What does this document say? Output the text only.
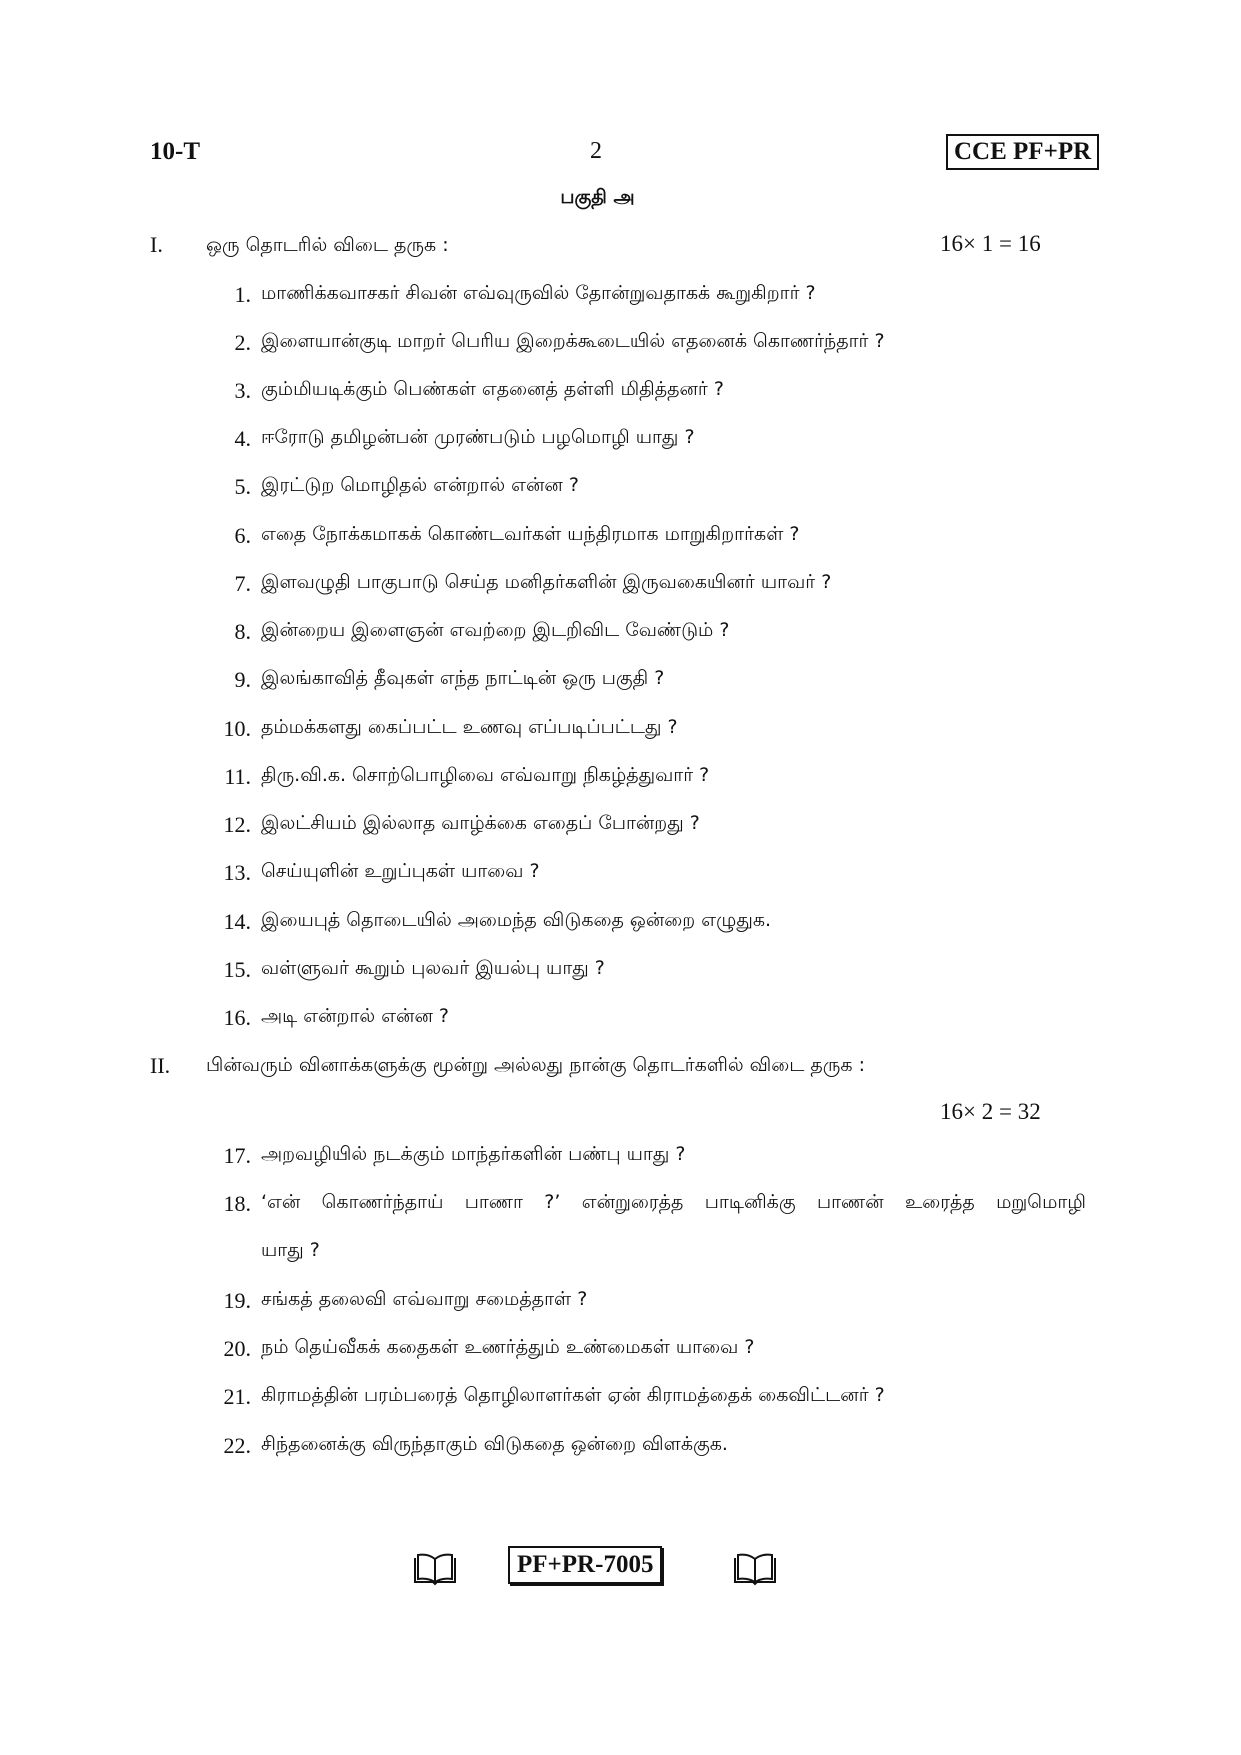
10-T	2	CCE PF+PR
பகுதி அ
I. ஒரு தொடரில் விடை தருக :	16× 1 = 16
1. மாணிக்கவாசகர் சிவன் எவ்வுருவில் தோன்றுவதாகக் கூறுகிறார் ?
2. இளையான்குடி மாறர் பெரிய இறைக்கூடையில் எதனைக் கொணர்ந்தார் ?
3. கும்மியடிக்கும் பெண்கள் எதனைத் தள்ளி மிதித்தனர் ?
4. ஈரோடு தமிழன்பன் முரண்படும் பழமொழி யாது ?
5. இரட்டுற மொழிதல் என்றால் என்ன ?
6. எதை நோக்கமாகக் கொண்டவர்கள் யந்திரமாக மாறுகிறார்கள் ?
7. இளவழுதி பாகுபாடு செய்த மனிதர்களின் இருவகையினர் யாவர் ?
8. இன்றைய இளைஞன் எவற்றை இடறிவிட வேண்டும் ?
9. இலங்காவித் தீவுகள் எந்த நாட்டின் ஒரு பகுதி ?
10. தம்மக்களது கைப்பட்ட உணவு எப்படிப்பட்டது ?
11. திரு.வி.க. சொற்பொழிவை எவ்வாறு நிகழ்த்துவார் ?
12. இலட்சியம் இல்லாத வாழ்க்கை எதைப் போன்றது ?
13. செய்யுளின் உறுப்புகள் யாவை ?
14. இயைபுத் தொடையில் அமைந்த விடுகதை ஒன்றை எழுதுக.
15. வள்ளுவர் கூறும் புலவர் இயல்பு யாது ?
16. அடி என்றால் என்ன ?
II. பின்வரும் வினாக்களுக்கு மூன்று அல்லது நான்கு தொடர்களில் விடை தருக :
16× 2 = 32
17. அறவழியில் நடக்கும் மாந்தர்களின் பண்பு யாது ?
18. ‘என் கொணர்ந்தாய் பாணா ?’ என்றுரைத்த பாடினிக்கு பாணன் உரைத்த மறுமொழி
யாது ?
19. சங்கத் தலைவி எவ்வாறு சமைத்தாள் ?
20. நம் தெய்வீகக் கதைகள் உணர்த்தும் உண்மைகள் யாவை ?
21. கிராமத்தின் பரம்பரைத் தொழிலாளர்கள் ஏன் கிராமத்தைக் கைவிட்டனர் ?
22. சிந்தனைக்கு விருந்தாகும் விடுகதை ஒன்றை விளக்குக.
PF+PR-7005
